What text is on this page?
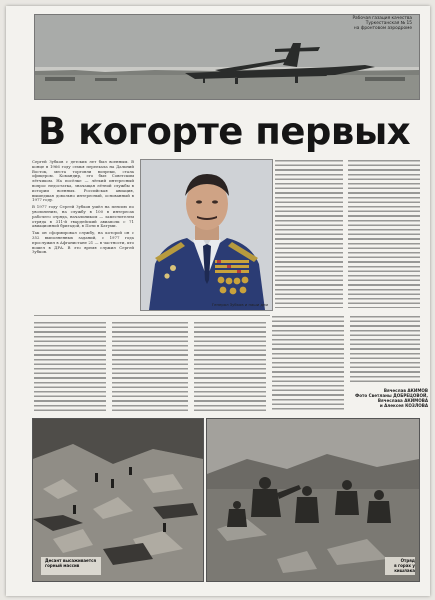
Рабочая газация качества
Туркестанская № 15
на фронтовом аэродроме
В когорте первых
Сергей Зубков с детских лет был военным. В конце в 1966 году семья переехала на Дальний Восток, места торговли вопреки, стала офицером. Командир, его был Советским лётчиком. На посёлке — лёгкий интересный вопрос недостатка, значащая лётной службы в истории военных. Российская авиация, вышедшая довольно интересный, основанный в 1977 году.
В 1977 году Сергей Зубков ушёл на пенсию по увольнению, на службу в 100 в интересах рабочего отряда, начальником — заместителем отряда в 311-й гвардейский авиаполк с 71 авиационной бригадой, в Поти в Батуми.
Так он сформировал службу, на которой он с 352 выполненных заданий, с 1977 года прослужил в Афганистане 21 — в частности, кто вошел в ДРА. В это время служил Сергей Зубков.
Генерал Зубков и наши дни
Вячеслав АКИМОВ
Фото Светланы ДОБРЕЦОВОЙ,
Вячеслава АКИМОВА
и Алексея КОЗЛОВА
Десант высаживается
горный массив
Отряд
в горах у кишлака
